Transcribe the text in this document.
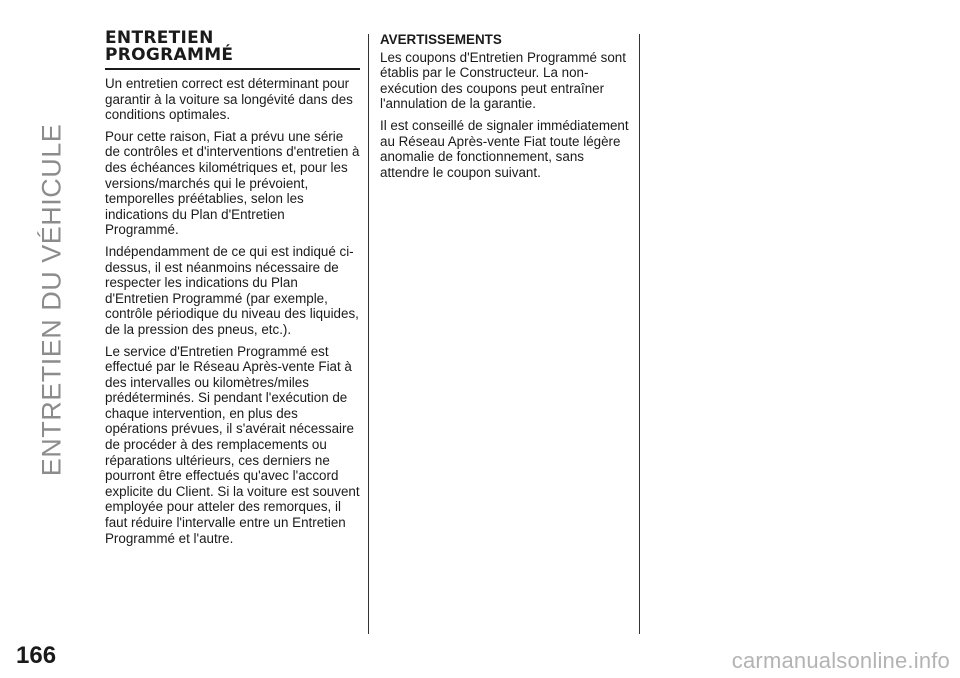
ENTRETIEN DU VÉHICULE
ENTRETIEN
PROGRAMMÉ

Un entretien correct est déterminant pour garantir à la voiture sa longévité dans des conditions optimales.

Pour cette raison, Fiat a prévu une série de contrôles et d'interventions d'entretien à des échéances kilométriques et, pour les versions/marchés qui le prévoient, temporelles préétablies, selon les indications du Plan d'Entretien Programmé.

Indépendamment de ce qui est indiqué ci-dessus, il est néanmoins nécessaire de respecter les indications du Plan d'Entretien Programmé (par exemple, contrôle périodique du niveau des liquides, de la pression des pneus, etc.).

Le service d'Entretien Programmé est effectué par le Réseau Après-vente Fiat à des intervalles ou kilomètres/miles prédéterminés. Si pendant l'exécution de chaque intervention, en plus des opérations prévues, il s'avérait nécessaire de procéder à des remplacements ou réparations ultérieurs, ces derniers ne pourront être effectués qu'avec l'accord explicite du Client. Si la voiture est souvent employée pour atteler des remorques, il faut réduire l'intervalle entre un Entretien Programmé et l'autre.

AVERTISSEMENTS

Les coupons d'Entretien Programmé sont établis par le Constructeur. La non-exécution des coupons peut entraîner l'annulation de la garantie.

Il est conseillé de signaler immédiatement au Réseau Après-vente Fiat toute légère anomalie de fonctionnement, sans attendre le coupon suivant.

166	carmanualsonline.info
